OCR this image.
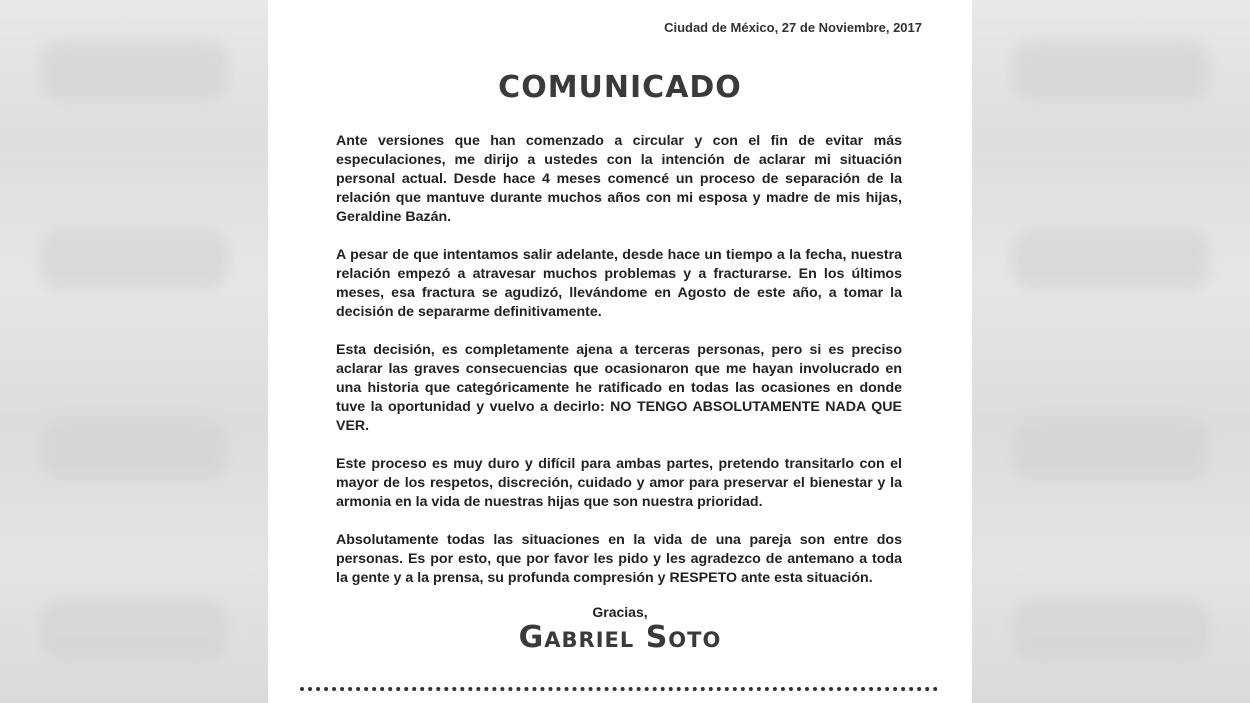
Ciudad de México, 27 de Noviembre, 2017
COMUNICADO

Ante versiones que han comenzado a circular y con el fin de evitar más especulaciones, me dirijo a ustedes con la intención de aclarar mi situación personal actual. Desde hace 4 meses comencé un proceso de separación de la relación que mantuve durante muchos años con mi esposa y madre de mis hijas, Geraldine Bazán.

A pesar de que intentamos salir adelante, desde hace un tiempo a la fecha, nuestra relación empezó a atravesar muchos problemas y a fracturarse. En los últimos meses, esa fractura se agudizó, llevándome en Agosto de este año, a tomar la decisión de separarme definitivamente.

Esta decisión, es completamente ajena a terceras personas, pero si es preciso aclarar las graves consecuencias que ocasionaron que me hayan involucrado en una historia que categóricamente he ratificado en todas las ocasiones en donde tuve la oportunidad y vuelvo a decirlo: NO TENGO ABSOLUTAMENTE NADA QUE VER.

Este proceso es muy duro y difícil para ambas partes, pretendo transitarlo con el mayor de los respetos, discreción, cuidado y amor para preservar el bienestar y la armonia en la vida de nuestras hijas que son nuestra prioridad.

Absolutamente todas las situaciones en la vida de una pareja son entre dos personas. Es por esto, que por favor les pido y les agradezco de antemano a toda la gente y a la prensa, su profunda compresión y RESPETO ante esta situación.

Gracias,
Gabriel Soto
